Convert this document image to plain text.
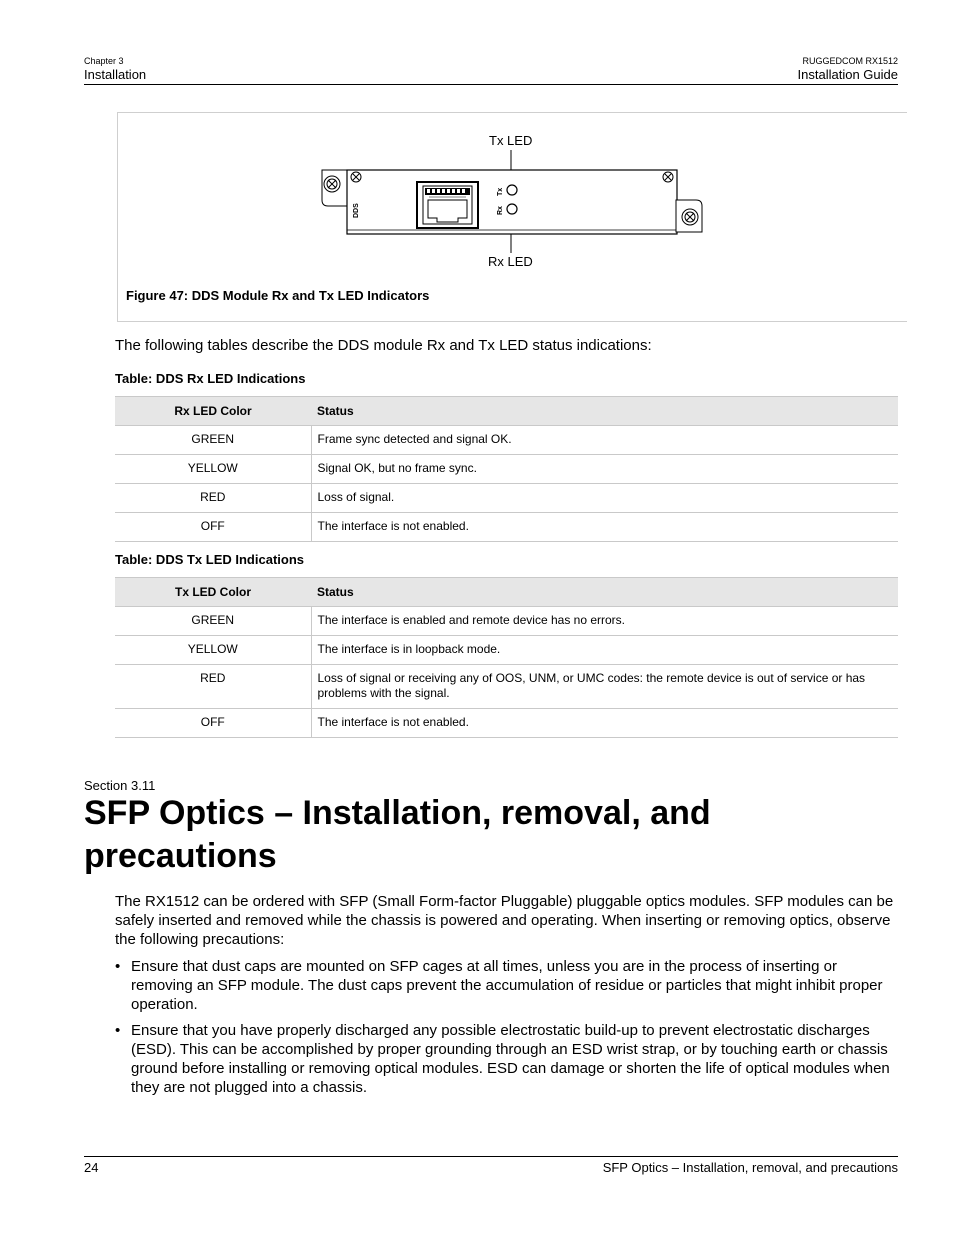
Chapter 3
Installation
RUGGEDCOM RX1512
Installation Guide
Tx LED
Rx LED
DDS
Tx
Rx
Figure 47: DDS Module Rx and Tx LED Indicators
The following tables describe the DDS module Rx and Tx LED status indications:
Table: DDS Rx LED Indications
Rx LED Color	Status
GREEN	Frame sync detected and signal OK.
YELLOW	Signal OK, but no frame sync.
RED	Loss of signal.
OFF	The interface is not enabled.
Table: DDS Tx LED Indications
Tx LED Color	Status
GREEN	The interface is enabled and remote device has no errors.
YELLOW	The interface is in loopback mode.
RED	Loss of signal or receiving any of OOS, UNM, or UMC codes: the remote device is out of service or has problems with the signal.
OFF	The interface is not enabled.
Section 3.11
SFP Optics – Installation, removal, and precautions
The RX1512 can be ordered with SFP (Small Form-factor Pluggable) pluggable optics modules. SFP modules can be safely inserted and removed while the chassis is powered and operating. When inserting or removing optics, observe the following precautions:
• Ensure that dust caps are mounted on SFP cages at all times, unless you are in the process of inserting or removing an SFP module. The dust caps prevent the accumulation of residue or particles that might inhibit proper operation.
• Ensure that you have properly discharged any possible electrostatic build-up to prevent electrostatic discharges (ESD). This can be accomplished by proper grounding through an ESD wrist strap, or by touching earth or chassis ground before installing or removing optical modules. ESD can damage or shorten the life of optical modules when they are not plugged into a chassis.
24	SFP Optics – Installation, removal, and precautions
